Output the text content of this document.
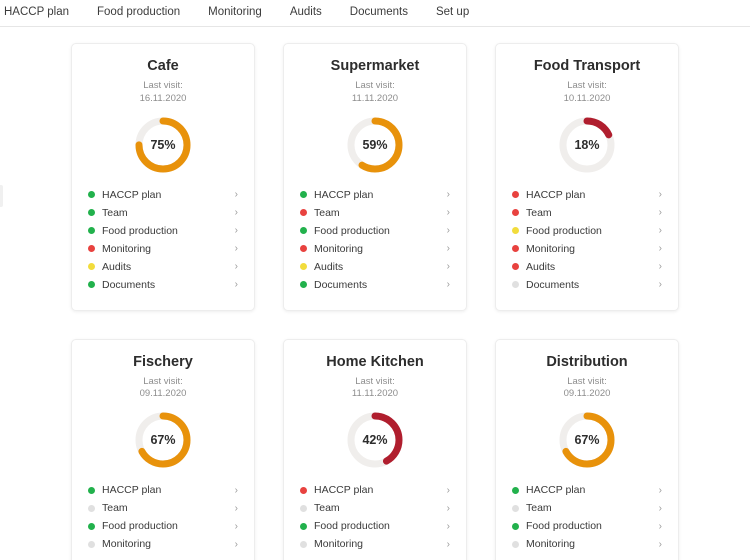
HACCP plan	Food production	Monitoring	Audits	Documents	Set up
Cafe
Last visit:
16.11.2020
75%
HACCP plan	›
Team	›
Food production	›
Monitoring	›
Audits	›
Documents	›
Supermarket
Last visit:
11.11.2020
59%
HACCP plan	›
Team	›
Food production	›
Monitoring	›
Audits	›
Documents	›
Food Transport
Last visit:
10.11.2020
18%
HACCP plan	›
Team	›
Food production	›
Monitoring	›
Audits	›
Documents	›
Fischery
Last visit:
09.11.2020
67%
HACCP plan	›
Team	›
Food production	›
Monitoring	›
Home Kitchen
Last visit:
11.11.2020
42%
HACCP plan	›
Team	›
Food production	›
Monitoring	›
Distribution
Last visit:
09.11.2020
67%
HACCP plan	›
Team	›
Food production	›
Monitoring	›
